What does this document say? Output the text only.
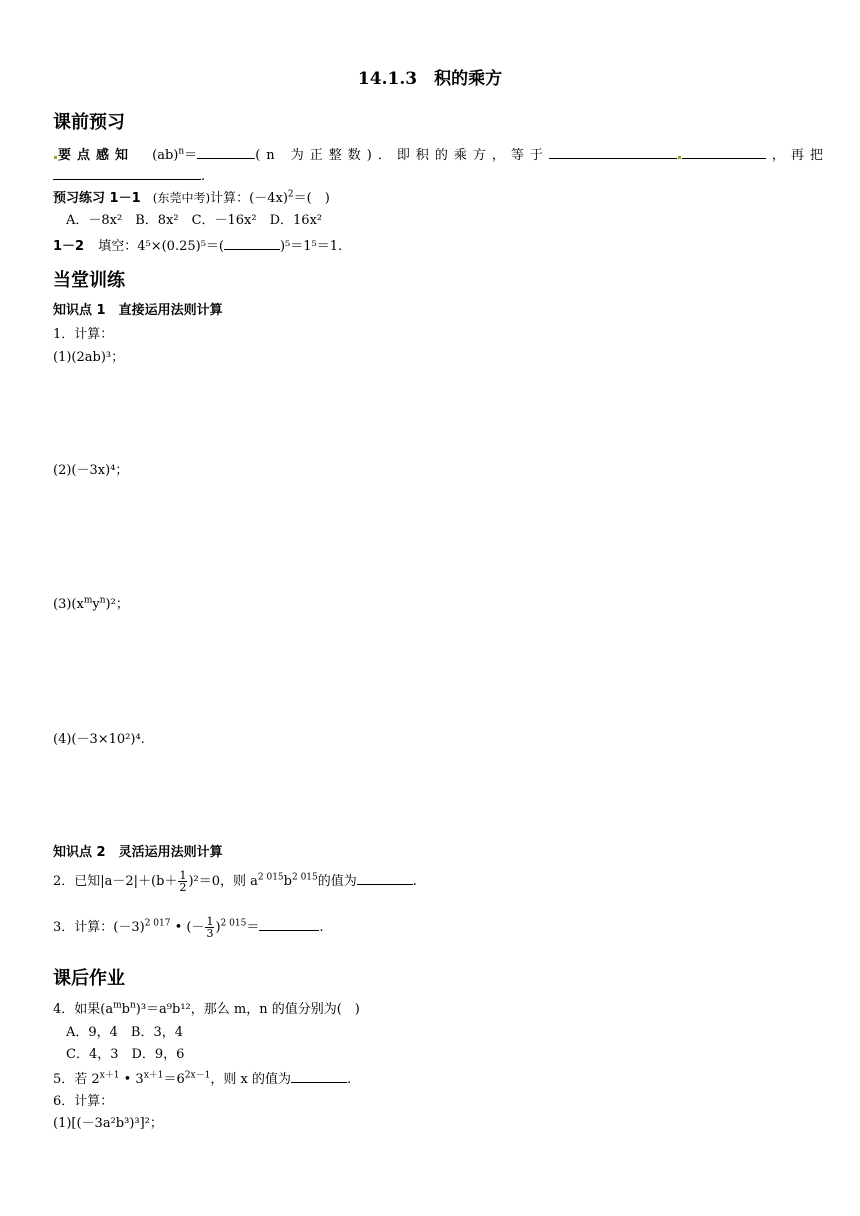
14.1.3　积的乘方
课前预习
要点感知 (ab)$^n$＝	(n 为正整数)．即积的乘方，等于	，再把
.
预习练习 1－1 (东莞中考)计算：$(-4x)^2=$(　)
A．－8x²　B．8x²　C．－16x²　D．16x²
1－2 填空：4⁵×(0.25)⁵＝(	)⁵＝1⁵＝1.
当堂训练
知识点 1　直接运用法则计算
1．计算：
(1)(2ab)³；
(2)(－3x)⁴；
$(3)(x^my^n)^2$；
(4)(－3×10²)⁴.
知识点 2　灵活运用法则计算
2．已知$|a-2|+(b+ \frac{1}{2} )^2=0$，则 $a^{2 015}b^{2 015}$的值为	.
3．计算：$(-3)^{2 017}$ • (－ $\frac{1}{3} )^{2 015}=$	.
课后作业
4．如果$(a^mb^n)^3=a^9b^{12}$，那么 m，n 的值分别为(　)
A．9，4　B．3，4
C．4，3　D．9，6
5．若 $2^{x+1}$ • $3^{x+1}=6^{2x-1}$，则 x 的值为	.
6．计算：
(1)[(－3a²b³)³]²；
